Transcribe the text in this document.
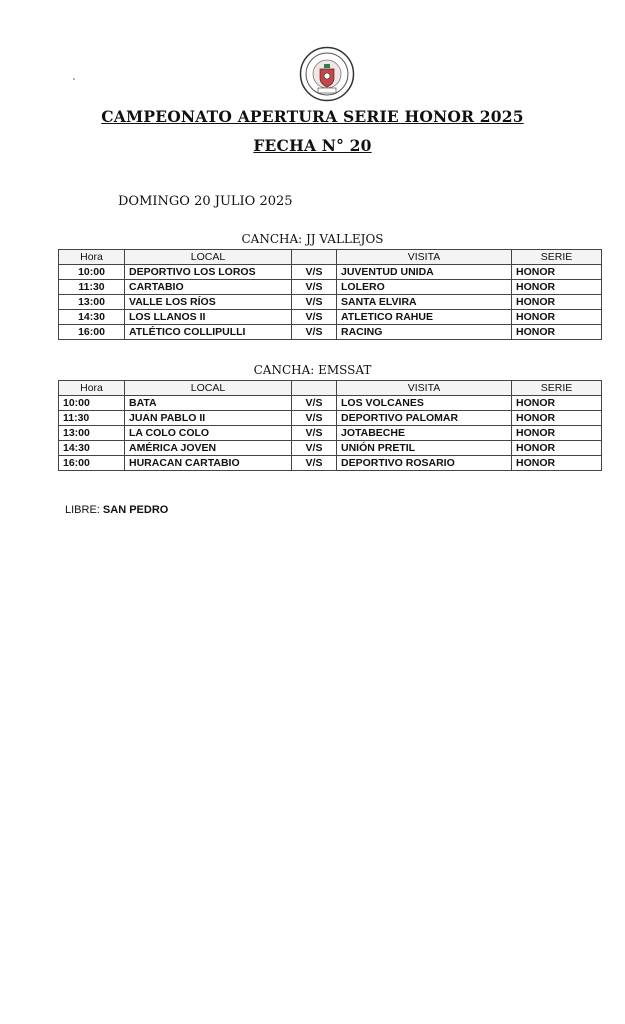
CAMPEONATO APERTURA SERIE HONOR 2025
FECHA N° 20
DOMINGO 20 JULIO 2025
CANCHA: JJ VALLEJOS
Hora	LOCAL		VISITA	SERIE
10:00	DEPORTIVO LOS LOROS	V/S	JUVENTUD UNIDA	HONOR
11:30	CARTABIO	V/S	LOLERO	HONOR
13:00	VALLE LOS RÍOS	V/S	SANTA ELVIRA	HONOR
14:30	LOS LLANOS II	V/S	ATLETICO RAHUE	HONOR
16:00	ATLÉTICO COLLIPULLI	V/S	RACING	HONOR
CANCHA: EMSSAT
Hora	LOCAL		VISITA	SERIE
10:00	BATA	V/S	LOS VOLCANES	HONOR
11:30	JUAN PABLO II	V/S	DEPORTIVO PALOMAR	HONOR
13:00	LA COLO COLO	V/S	JOTABECHE	HONOR
14:30	AMÉRICA JOVEN	V/S	UNIÓN PRETIL	HONOR
16:00	HURACAN CARTABIO	V/S	DEPORTIVO ROSARIO	HONOR
LIBRE: SAN PEDRO
